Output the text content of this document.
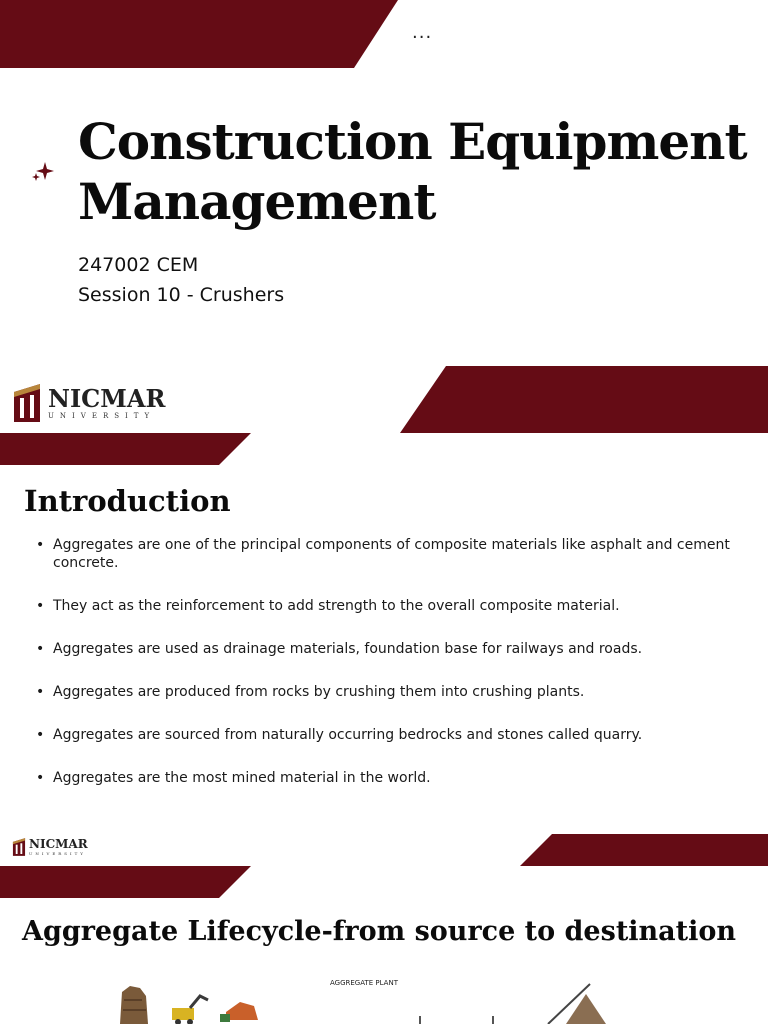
...
Construction Equipment Management
247002 CEM
Session 10 - Crushers
NICMAR
UNIVERSITY
Introduction
• Aggregates are one of the principal components of composite materials like asphalt and cement concrete.
• They act as the reinforcement to add strength to the overall composite material.
• Aggregates are used as drainage materials, foundation base for railways and roads.
• Aggregates are produced from rocks by crushing them into crushing plants.
• Aggregates are sourced from naturally occurring bedrocks and stones called quarry.
• Aggregates are the most mined material in the world.
NICMAR
UNIVERSITY
Aggregate Lifecycle-from source to destination
AGGREGATE PLANT
